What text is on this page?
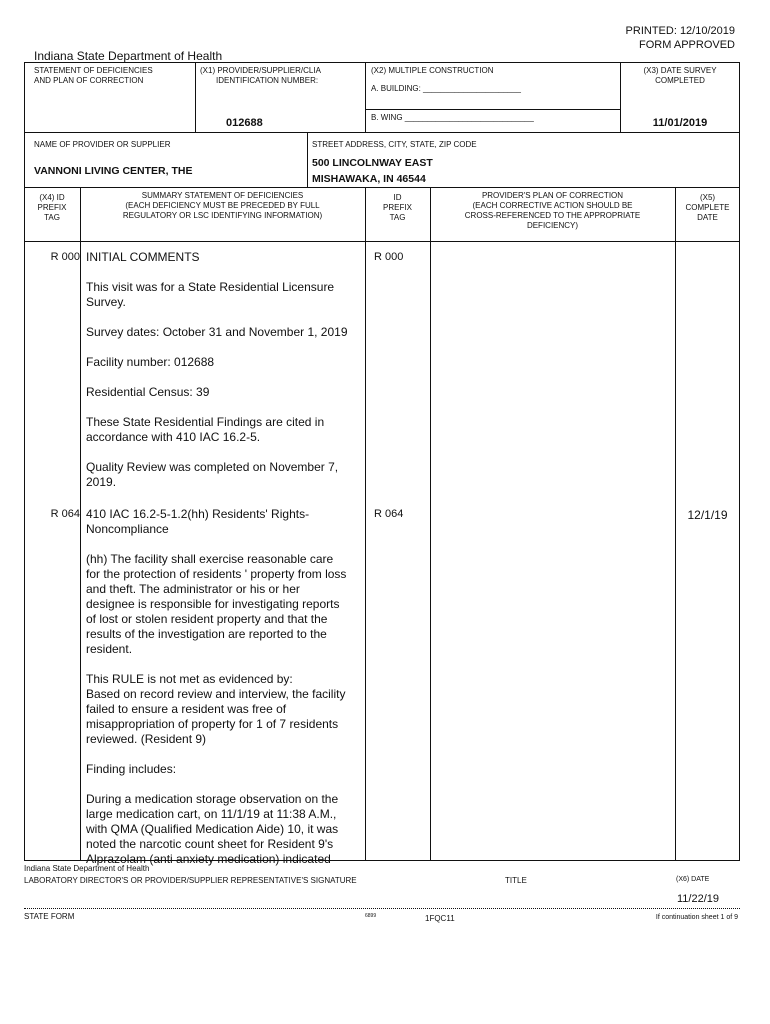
PRINTED: 12/10/2019
FORM APPROVED
Indiana State Department of Health
STATEMENT OF DEFICIENCIES
AND PLAN OF CORRECTION
(X1) PROVIDER/SUPPLIER/CLIA
IDENTIFICATION NUMBER:
012688
(X2) MULTIPLE CONSTRUCTION
A. BUILDING: ______________________
B. WING _____________________________
(X3) DATE SURVEY
COMPLETED
11/01/2019
NAME OF PROVIDER OR SUPPLIER
VANNONI LIVING CENTER, THE
STREET ADDRESS, CITY, STATE, ZIP CODE
500 LINCOLNWAY EAST
MISHAWAKA, IN 46544
(X4) ID
PREFIX
TAG
SUMMARY STATEMENT OF DEFICIENCIES
(EACH DEFICIENCY MUST BE PRECEDED BY FULL
REGULATORY OR LSC IDENTIFYING INFORMATION)
ID
PREFIX
TAG
PROVIDER'S PLAN OF CORRECTION
(EACH CORRECTIVE ACTION SHOULD BE
CROSS-REFERENCED TO THE APPROPRIATE
DEFICIENCY)
(X5)
COMPLETE
DATE
R 000	R 000
INITIAL COMMENTS
This visit was for a State Residential Licensure
Survey.
Survey dates: October 31 and November 1, 2019
Facility number: 012688
Residential Census: 39
These State Residential Findings are cited in
accordance with 410 IAC 16.2-5.
Quality Review was completed on November 7,
2019.
R 064	R 064	12/1/19
410 IAC 16.2-5-1.2(hh) Residents' Rights-
Noncompliance
(hh) The facility shall exercise reasonable care
for the protection of residents ' property from loss
and theft. The administrator or his or her
designee is responsible for investigating reports
of lost or stolen resident property and that the
results of the investigation are reported to the
resident.
This RULE is not met as evidenced by:
Based on record review and interview, the facility
failed to ensure a resident was free of
misappropriation of property for 1 of 7 residents
reviewed. (Resident 9)
Finding includes:
During a medication storage observation on the
large medication cart, on 11/1/19 at 11:38 A.M.,
with QMA (Qualified Medication Aide) 10, it was
noted the narcotic count sheet for Resident 9's
Alprazolam (anti anxiety medication) indicated
Indiana State Department of Health
LABORATORY DIRECTOR'S OR PROVIDER/SUPPLIER REPRESENTATIVE'S SIGNATURE	TITLE	(X6) DATE
11/22/19
STATE FORM	6899	1FQC11	If continuation sheet 1 of 9
